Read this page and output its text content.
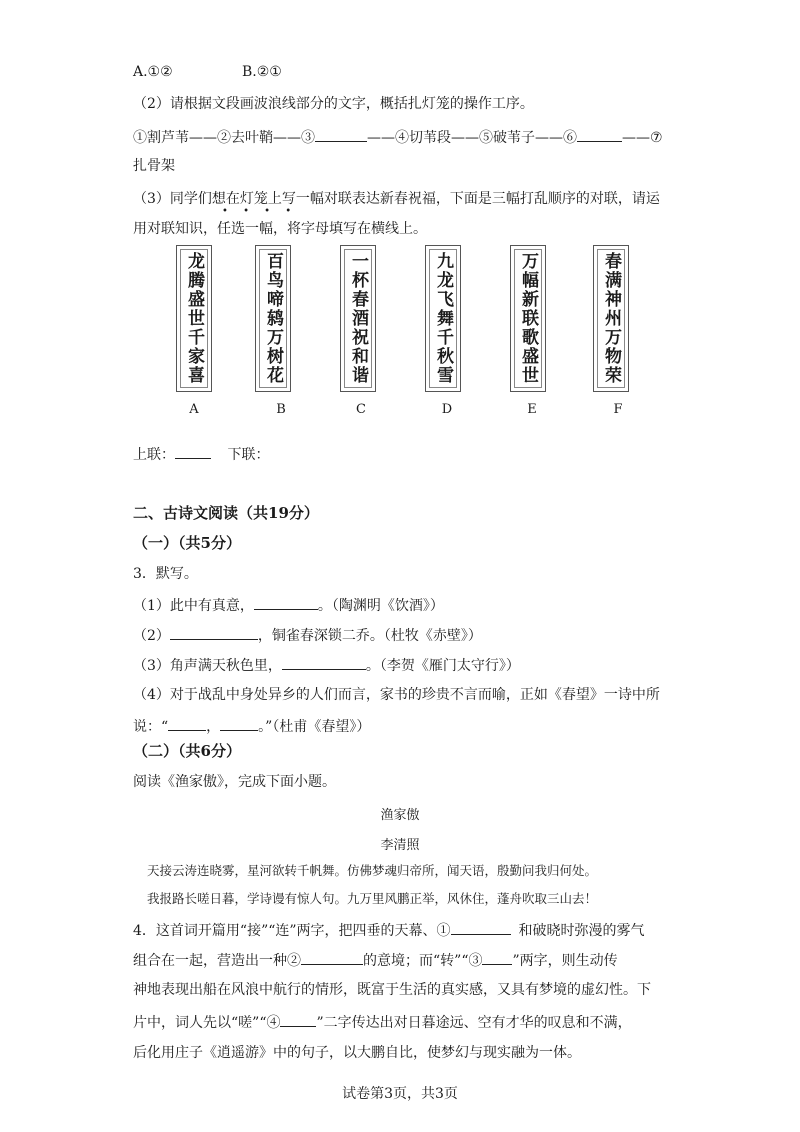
A.①②	B.②①
（2）请根据文段画波浪线部分的文字，概括扎灯笼的操作工序。
①割芦苇——②去叶鞘——③	——④切苇段——⑤破苇子——⑥	——⑦
扎骨架
（3）同学们想在灯笼上写一幅对联表达新春祝福，下面是三幅打乱顺序的对联，请运
• • • •
用对联知识，任选一幅，将字母填写在横线上。
龙腾盛世千家喜	百鸟啼鸫万树花	一杯春酒祝和谐	九龙飞舞千秋雪	万幅新联歌盛世	春满神州万物荣
A	B	C	D	E	F
上联：	下联：
二、古诗文阅读（共19分）
（一）（共5分）
3．默写。
（1）此中有真意，	。（陶渊明《饮酒》）
（2）	，铜雀春深锁二乔。（杜牧《赤壁》）
（3）角声满天秋色里，	。（李贺《雁门太守行》）
（4）对于战乱中身处异乡的人们而言，家书的珍贵不言而喻，正如《春望》一诗中所
说：“	，	。”（杜甫《春望》）
（二）（共6分）
阅读《渔家傲》，完成下面小题。
渔家傲
李清照
天接云涛连晓雾，星河欲转千帆舞。仿佛梦魂归帝所，闻天语，殷勤问我归何处。
我报路长嗟日暮，学诗谩有惊人句。九万里风鹏正举，风休住，蓬舟吹取三山去！
4．这首词开篇用“接”“连”两字，把四垂的天幕、①	和破晓时弥漫的雾气
组合在一起，营造出一种②	的意境；而“转”“③ ”两字，则生动传
神地表现出船在风浪中航行的情形，既富于生活的真实感，又具有梦境的虚幻性。下
片中，词人先以“嗟”“④	”二字传达出对日暮途远、空有才华的叹息和不满，
后化用庄子《逍遥游》中的句子，以大鹏自比，使梦幻与现实融为一体。
试卷第3页，共3页
